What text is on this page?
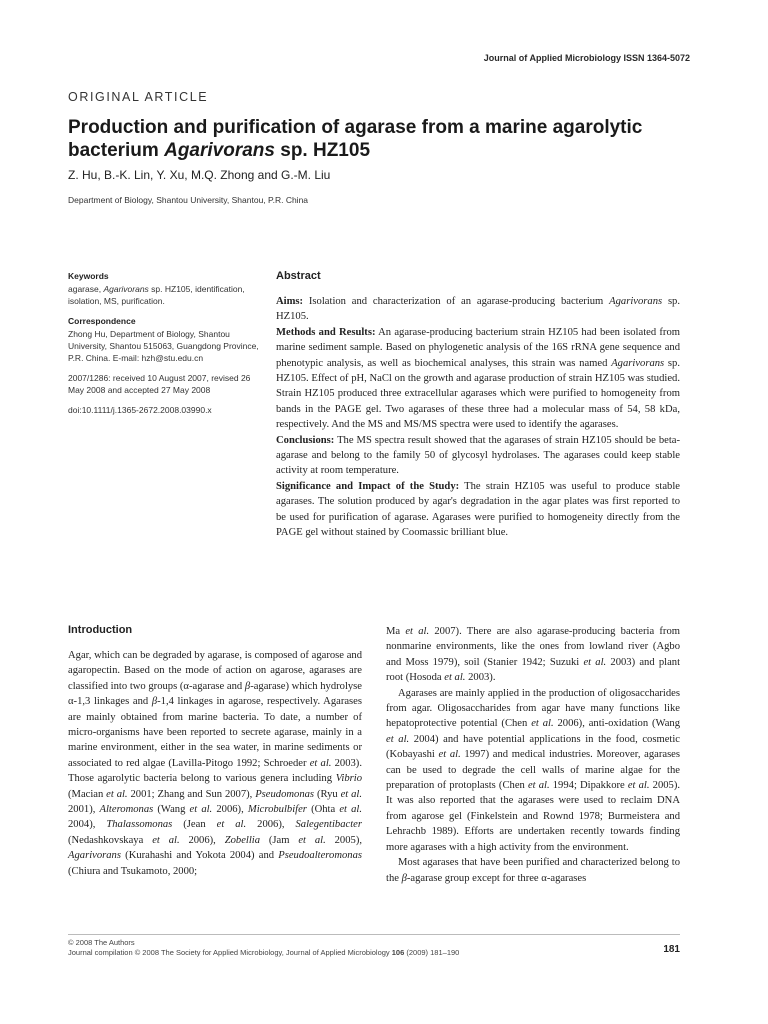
Journal of Applied Microbiology ISSN 1364-5072
ORIGINAL ARTICLE
Production and purification of agarase from a marine agarolytic bacterium Agarivorans sp. HZ105
Z. Hu, B.-K. Lin, Y. Xu, M.Q. Zhong and G.-M. Liu
Department of Biology, Shantou University, Shantou, P.R. China
Keywords

agarase, Agarivorans sp. HZ105, identification, isolation, MS, purification.

Correspondence

Zhong Hu, Department of Biology, Shantou University, Shantou 515063, Guangdong Province, P.R. China. E-mail: hzh@stu.edu.cn

2007/1286: received 10 August 2007, revised 26 May 2008 and accepted 27 May 2008

doi:10.1111/j.1365-2672.2008.03990.x

Abstract

Aims: Isolation and characterization of an agarase-producing bacterium Agarivorans sp. HZ105.

Methods and Results: An agarase-producing bacterium strain HZ105 had been isolated from marine sediment sample. Based on phylogenetic analysis of the 16S rRNA gene sequence and phenotypic analysis, as well as biochemical analyses, this strain was named Agarivorans sp. HZ105. Effect of pH, NaCl on the growth and agarase production of strain HZ105 was studied. Strain HZ105 produced three extracellular agarases which were purified to homogeneity from bands in the PAGE gel. Two agarases of these three had a molecular mass of 54, 58 kDa, respectively. And the MS and MS/MS spectra were used to identify the agarases.

Conclusions: The MS spectra result showed that the agarases of strain HZ105 should be beta-agarase and belong to the family 50 of glycosyl hydrolases. The agarases could keep stable activity at room temperature.

Significance and Impact of the Study: The strain HZ105 was useful to produce stable agarases. The solution produced by agar's degradation in the agar plates was first reported to be used for purification of agarase. Agarases were purified to homogeneity directly from the PAGE gel without stained by Coomassic brilliant blue.

Introduction

Agar, which can be degraded by agarase, is composed of agarose and agaropectin. Based on the mode of action on agarose, agarases are classified into two groups (α-agarase and β-agarase) which hydrolyse α-1,3 linkages and β-1,4 linkages in agarose, respectively. Agarases are mainly obtained from marine bacteria. To date, a number of micro-organisms have been reported to secrete agarase, mainly in a marine environment, either in the sea water, in marine sediments or associated to red algae (Lavilla-Pitogo 1992; Schroeder et al. 2003). Those agarolytic bacteria belong to various genera including Vibrio (Macian et al. 2001; Zhang and Sun 2007), Pseudomonas (Ryu et al. 2001), Alteromonas (Wang et al. 2006), Microbulbifer (Ohta et al. 2004), Thalassomonas (Jean et al. 2006), Salegentibacter (Nedashkovskaya et al. 2006), Zobellia (Jam et al. 2005), Agarivorans (Kurahashi and Yokota 2004) and Pseudoalteromonas (Chiura and Tsukamoto, 2000;

Ma et al. 2007). There are also agarase-producing bacteria from nonmarine environments, like the ones from lowland river (Agbo and Moss 1979), soil (Stanier 1942; Suzuki et al. 2003) and plant root (Hosoda et al. 2003).

Agarases are mainly applied in the production of oligosaccharides from agar. Oligosaccharides from agar have many functions like hepatoprotective potential (Chen et al. 2006), anti-oxidation (Wang et al. 2004) and have potential applications in the food, cosmetic (Kobayashi et al. 1997) and medical industries. Moreover, agarases can be used to degrade the cell walls of marine algae for the preparation of protoplasts (Chen et al. 1994; Dipakkore et al. 2005). It was also reported that the agarases were used to reclaim DNA from agarose gel (Finkelstein and Rownd 1978; Burmeistera and Lehrachb 1989). Efforts are undertaken recently towards finding more agarases with a high activity from the environment.

Most agarases that have been purified and characterized belong to the β-agarase group except for three α-agarases

© 2008 The Authors
Journal compilation © 2008 The Society for Applied Microbiology, Journal of Applied Microbiology 106 (2009) 181–190	181
